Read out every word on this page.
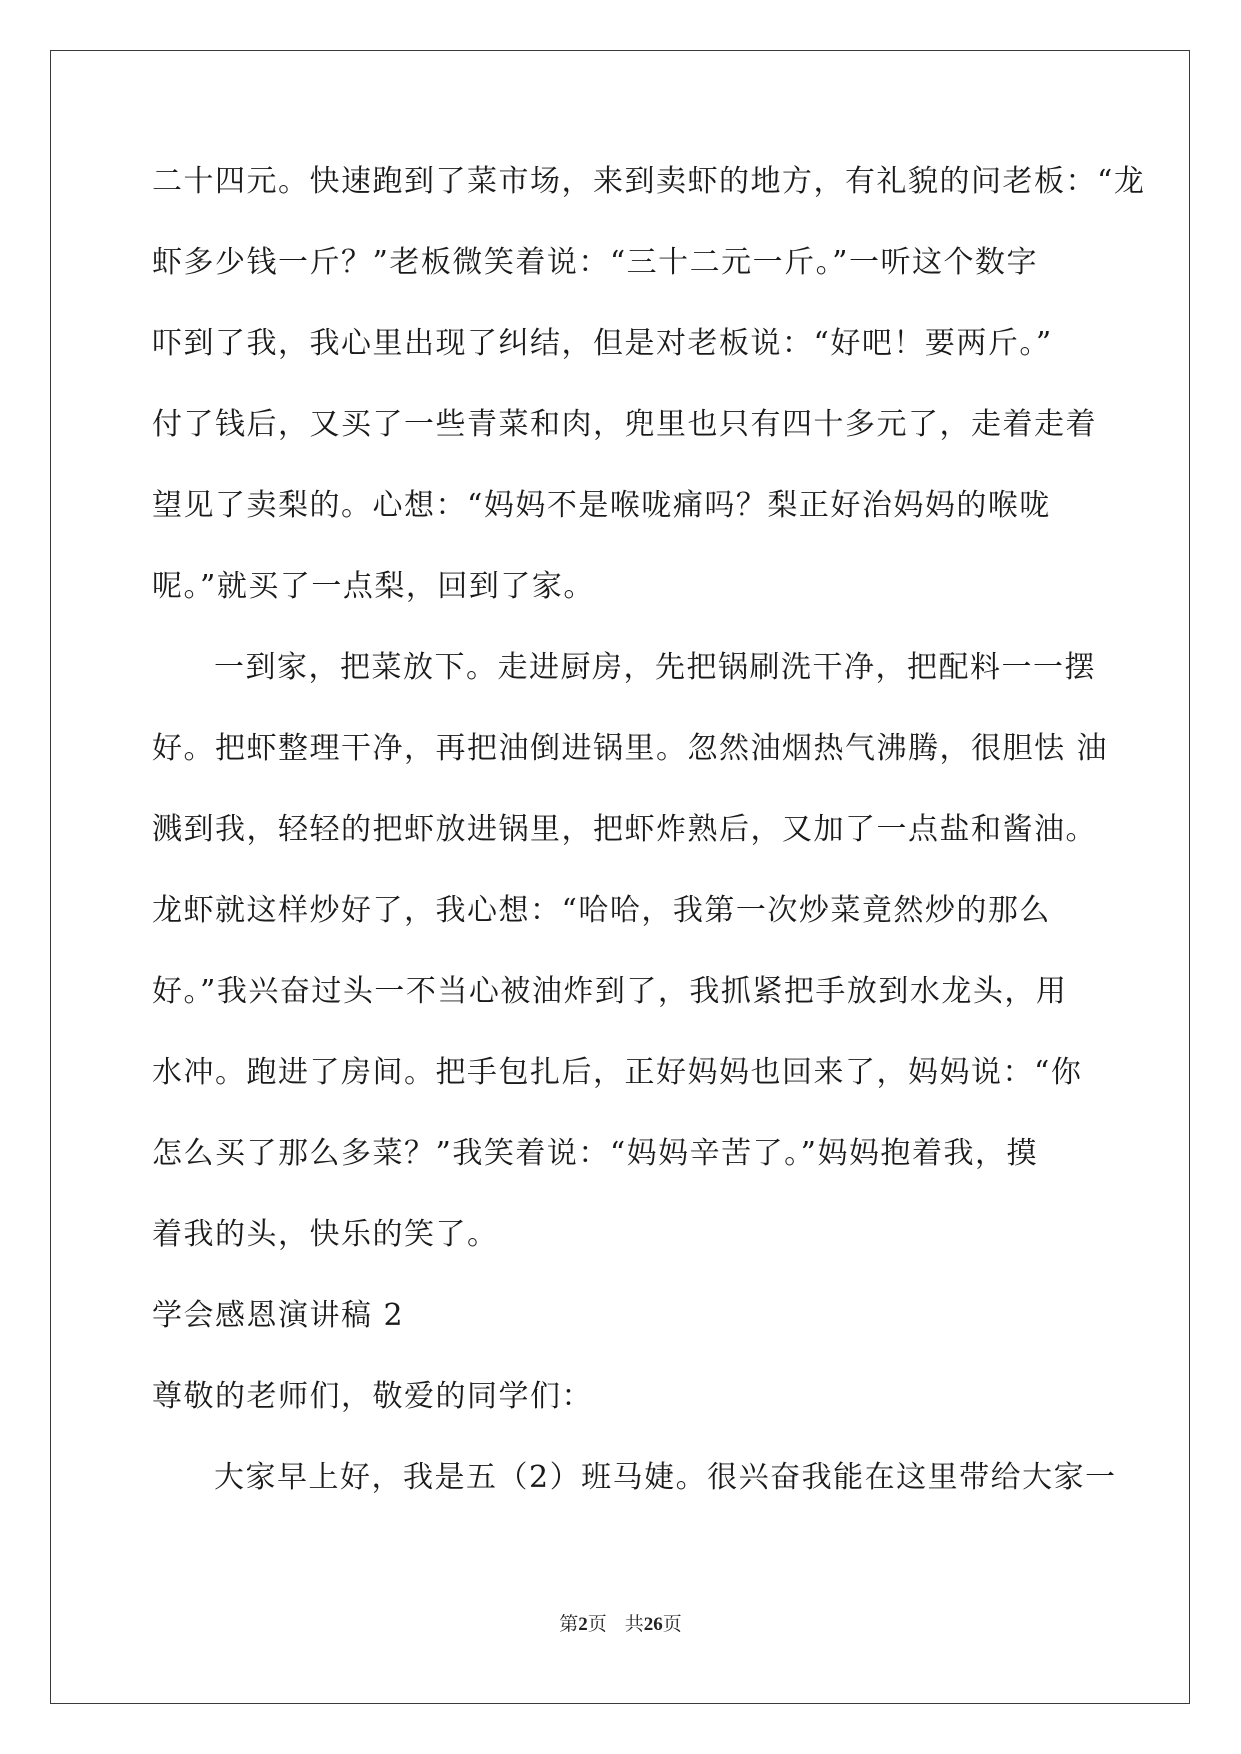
二十四元。快速跑到了菜市场，来到卖虾的地方，有礼貌的问老板：“龙
虾多少钱一斤？”老板微笑着说：“三十二元一斤。”一听这个数字
吓到了我，我心里出现了纠结，但是对老板说：“好吧！要两斤。”
付了钱后，又买了一些青菜和肉，兜里也只有四十多元了，走着走着
望见了卖梨的。心想：“妈妈不是喉咙痛吗？梨正好治妈妈的喉咙
呢。”就买了一点梨，回到了家。
一到家，把菜放下。走进厨房，先把锅刷洗干净，把配料一一摆
好。把虾整理干净，再把油倒进锅里。忽然油烟热气沸腾，很胆怯 油
溅到我，轻轻的把虾放进锅里，把虾炸熟后，又加了一点盐和酱油。
龙虾就这样炒好了，我心想：“哈哈，我第一次炒菜竟然炒的那么
好。”我兴奋过头一不当心被油炸到了，我抓紧把手放到水龙头，用
水冲。跑进了房间。把手包扎后，正好妈妈也回来了，妈妈说：“你
怎么买了那么多菜？”我笑着说：“妈妈辛苦了。”妈妈抱着我，摸
着我的头，快乐的笑了。
学会感恩演讲稿 2
尊敬的老师们，敬爱的同学们：
大家早上好，我是五（2）班马婕。很兴奋我能在这里带给大家一
第2页 共26页
